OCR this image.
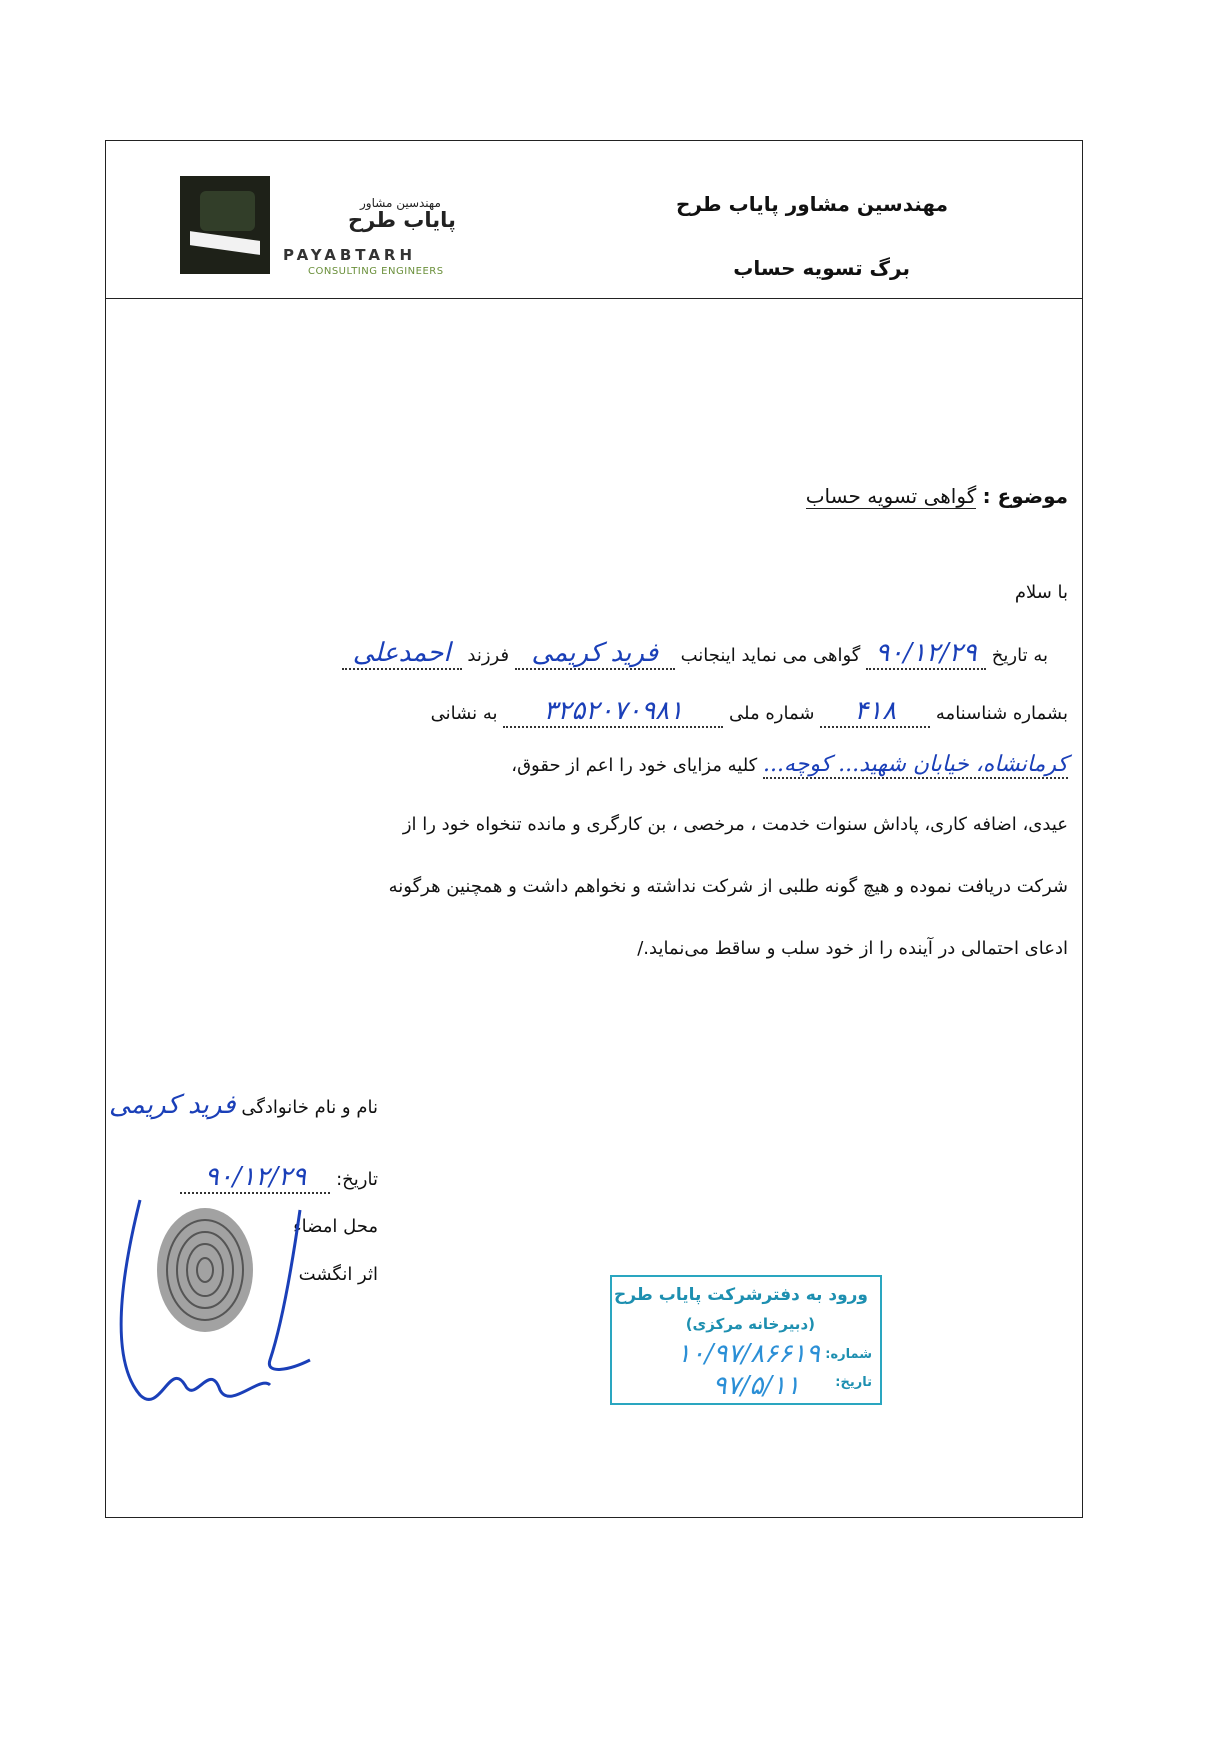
مهندسین مشاور
پایاب طرح
PAYABTARH
CONSULTING ENGINEERS
مهندسین مشاور پایاب طرح
برگ تسویه حساب
موضوع : گواهی تسویه حساب
با سلام
به تاریخ ۹۰/۱۲/۲۹ گواهی می نماید اینجانب فرید کریمی فرزند احمدعلی
بشماره شناسنامه ۴۱۸ شماره ملی ۳۲۵۲۰۷۰۹۸۱ به نشانی
کرمانشاه، خیابان شهید... کوچه... کلیه مزایای خود را اعم از حقوق،
عیدی، اضافه کاری، پاداش سنوات خدمت ، مرخصی ، بن کارگری و مانده تنخواه خود را از
شرکت دریافت نموده و هیچ گونه طلبی از شرکت نداشته و نخواهم داشت و همچنین هرگونه
ادعای احتمالی در آینده را از خود سلب و ساقط می‌نماید./
نام و نام خانوادگی فرید کریمی
تاریخ: ۹۰/۱۲/۲۹
محل امضاء
اثر انگشت
ورود به دفترشرکت پایاب طرح
(دبیرخانه مرکزی)
شماره:
۱۰/۹۷/۸۶۶۱۹
تاریخ:
۹۷/۵/۱۱
